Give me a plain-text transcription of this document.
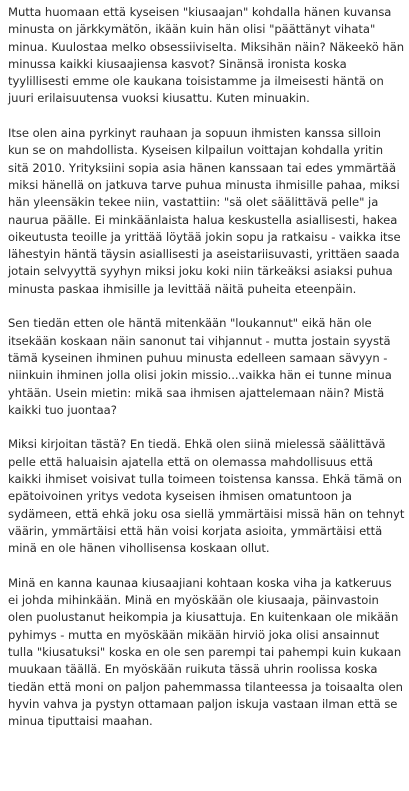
Mutta huomaan että kyseisen "kiusaajan" kohdalla hänen kuvansa minusta on järkkymätön, ikään kuin hän olisi "päättänyt vihata" minua. Kuulostaa melko obsessiiviselta. Miksihän näin? Näkeekö hän minussa kaikki kiusaajiensa kasvot? Sinänsä ironista koska tyylillisesti emme ole kaukana toisistamme ja ilmeisesti häntä on juuri erilaisuutensa vuoksi kiusattu. Kuten minuakin.

Itse olen aina pyrkinyt rauhaan ja sopuun ihmisten kanssa silloin kun se on mahdollista. Kyseisen kilpailun voittajan kohdalla yritin sitä 2010. Yrityksiini sopia asia hänen kanssaan tai edes ymmärtää miksi hänellä on jatkuva tarve puhua minusta ihmisille pahaa, miksi hän yleensäkin tekee niin, vastattiin: "sä olet säälittävä pelle" ja naurua päälle. Ei minkäänlaista halua keskustella asiallisesti, hakea oikeutusta teoille ja yrittää löytää jokin sopu ja ratkaisu - vaikka itse lähestyin häntä täysin asiallisesti ja aseistariisuvasti, yrittäen saada jotain selvyyttä syyhyn miksi joku koki niin tärkeäksi asiaksi puhua minusta paskaa ihmisille ja levittää näitä puheita eteenpäin.

Sen tiedän etten ole häntä mitenkään "loukannut" eikä hän ole itsekään koskaan näin sanonut tai vihjannut - mutta jostain syystä tämä kyseinen ihminen puhuu minusta edelleen samaan sävyyn - niinkuin ihminen jolla olisi jokin missio...vaikka hän ei tunne minua yhtään. Usein mietin: mikä saa ihmisen ajattelemaan näin? Mistä kaikki tuo juontaa?

Miksi kirjoitan tästä? En tiedä. Ehkä olen siinä mielessä säälittävä pelle että haluaisin ajatella että on olemassa mahdollisuus että kaikki ihmiset voisivat tulla toimeen toistensa kanssa. Ehkä tämä on epätoivoinen yritys vedota kyseisen ihmisen omatuntoon ja sydämeen, että ehkä joku osa siellä ymmärtäisi missä hän on tehnyt väärin, ymmärtäisi että hän voisi korjata asioita, ymmärtäisi että minä en ole hänen vihollisensa koskaan ollut.

Minä en kanna kaunaa kiusaajiani kohtaan koska viha ja katkeruus ei johda mihinkään. Minä en myöskään ole kiusaaja, päinvastoin olen puolustanut heikompia ja kiusattuja. En kuitenkaan ole mikään pyhimys - mutta en myöskään mikään hirviö joka olisi ansainnut tulla "kiusatuksi" koska en ole sen parempi tai pahempi kuin kukaan muukaan täällä. En myöskään ruikuta tässä uhrin roolissa koska tiedän että moni on paljon pahemmassa tilanteessa ja toisaalta olen hyvin vahva ja pystyn ottamaan paljon iskuja vastaan ilman että se minua tiputtaisi maahan.
